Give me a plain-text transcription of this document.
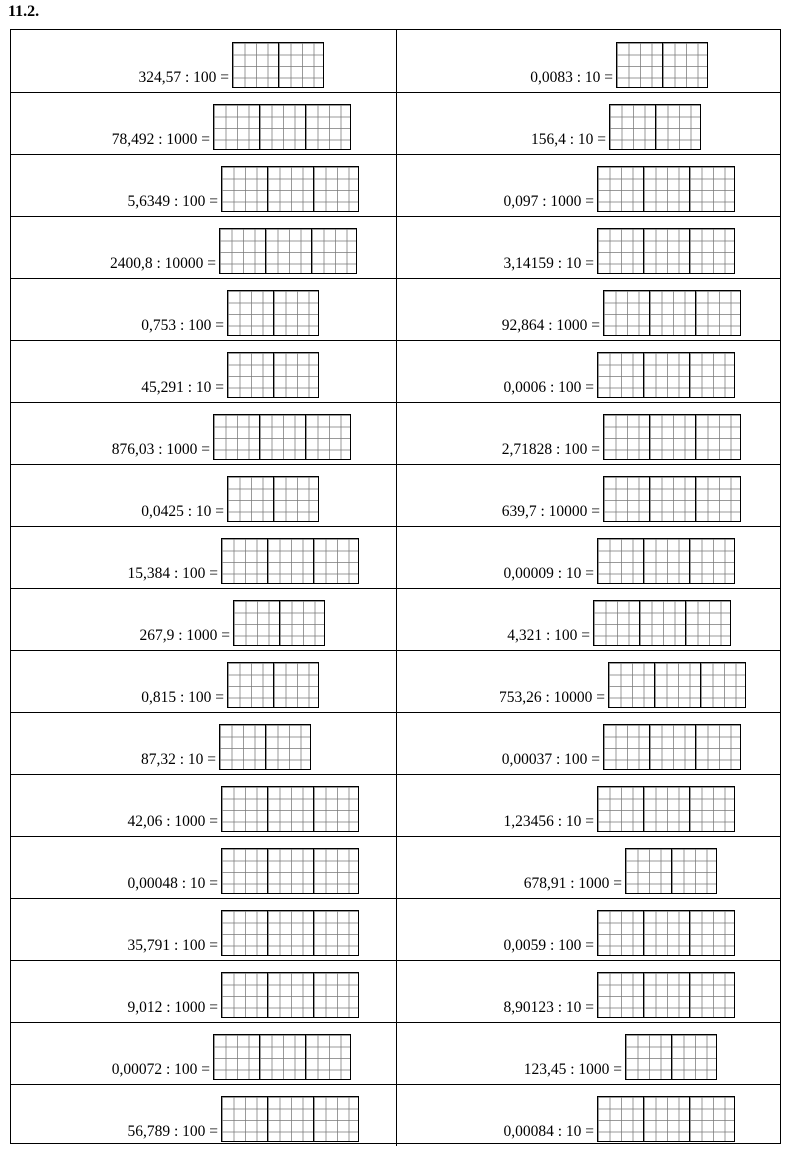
11.2.
324,57 : 100 =	0,0083 : 10 =
78,492 : 1000 =	156,4 : 10 =
5,6349 : 100 =	0,097 : 1000 =
2400,8 : 10000 =	3,14159 : 10 =
0,753 : 100 =	92,864 : 1000 =
45,291 : 10 =	0,0006 : 100 =
876,03 : 1000 =	2,71828 : 100 =
0,0425 : 10 =	639,7 : 10000 =
15,384 : 100 =	0,00009 : 10 =
267,9 : 1000 =	4,321 : 100 =
0,815 : 100 =	753,26 : 10000 =
87,32 : 10 =	0,00037 : 100 =
42,06 : 1000 =	1,23456 : 10 =
0,00048 : 10 =	678,91 : 1000 =
35,791 : 100 =	0,0059 : 100 =
9,012 : 1000 =	8,90123 : 10 =
0,00072 : 100 =	123,45 : 1000 =
56,789 : 100 =	0,00084 : 10 =
